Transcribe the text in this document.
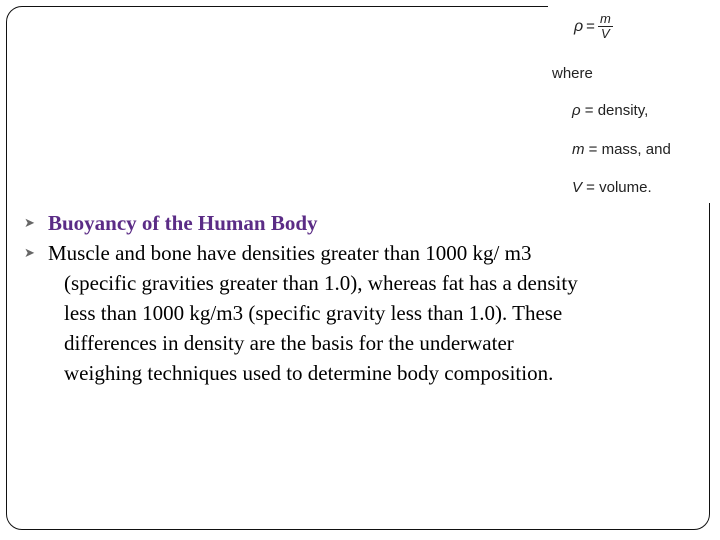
$\rho = \frac{m}{V}$
where
ρ = density,
m = mass, and
V = volume.
➤ Buoyancy of the Human Body
➤ Muscle and bone have densities greater than 1000 kg/ m3
(specific gravities greater than 1.0), whereas fat has a density
less than 1000 kg/m3 (specific gravity less than 1.0). These
differences in density are the basis for the underwater
weighing techniques used to determine body composition.
